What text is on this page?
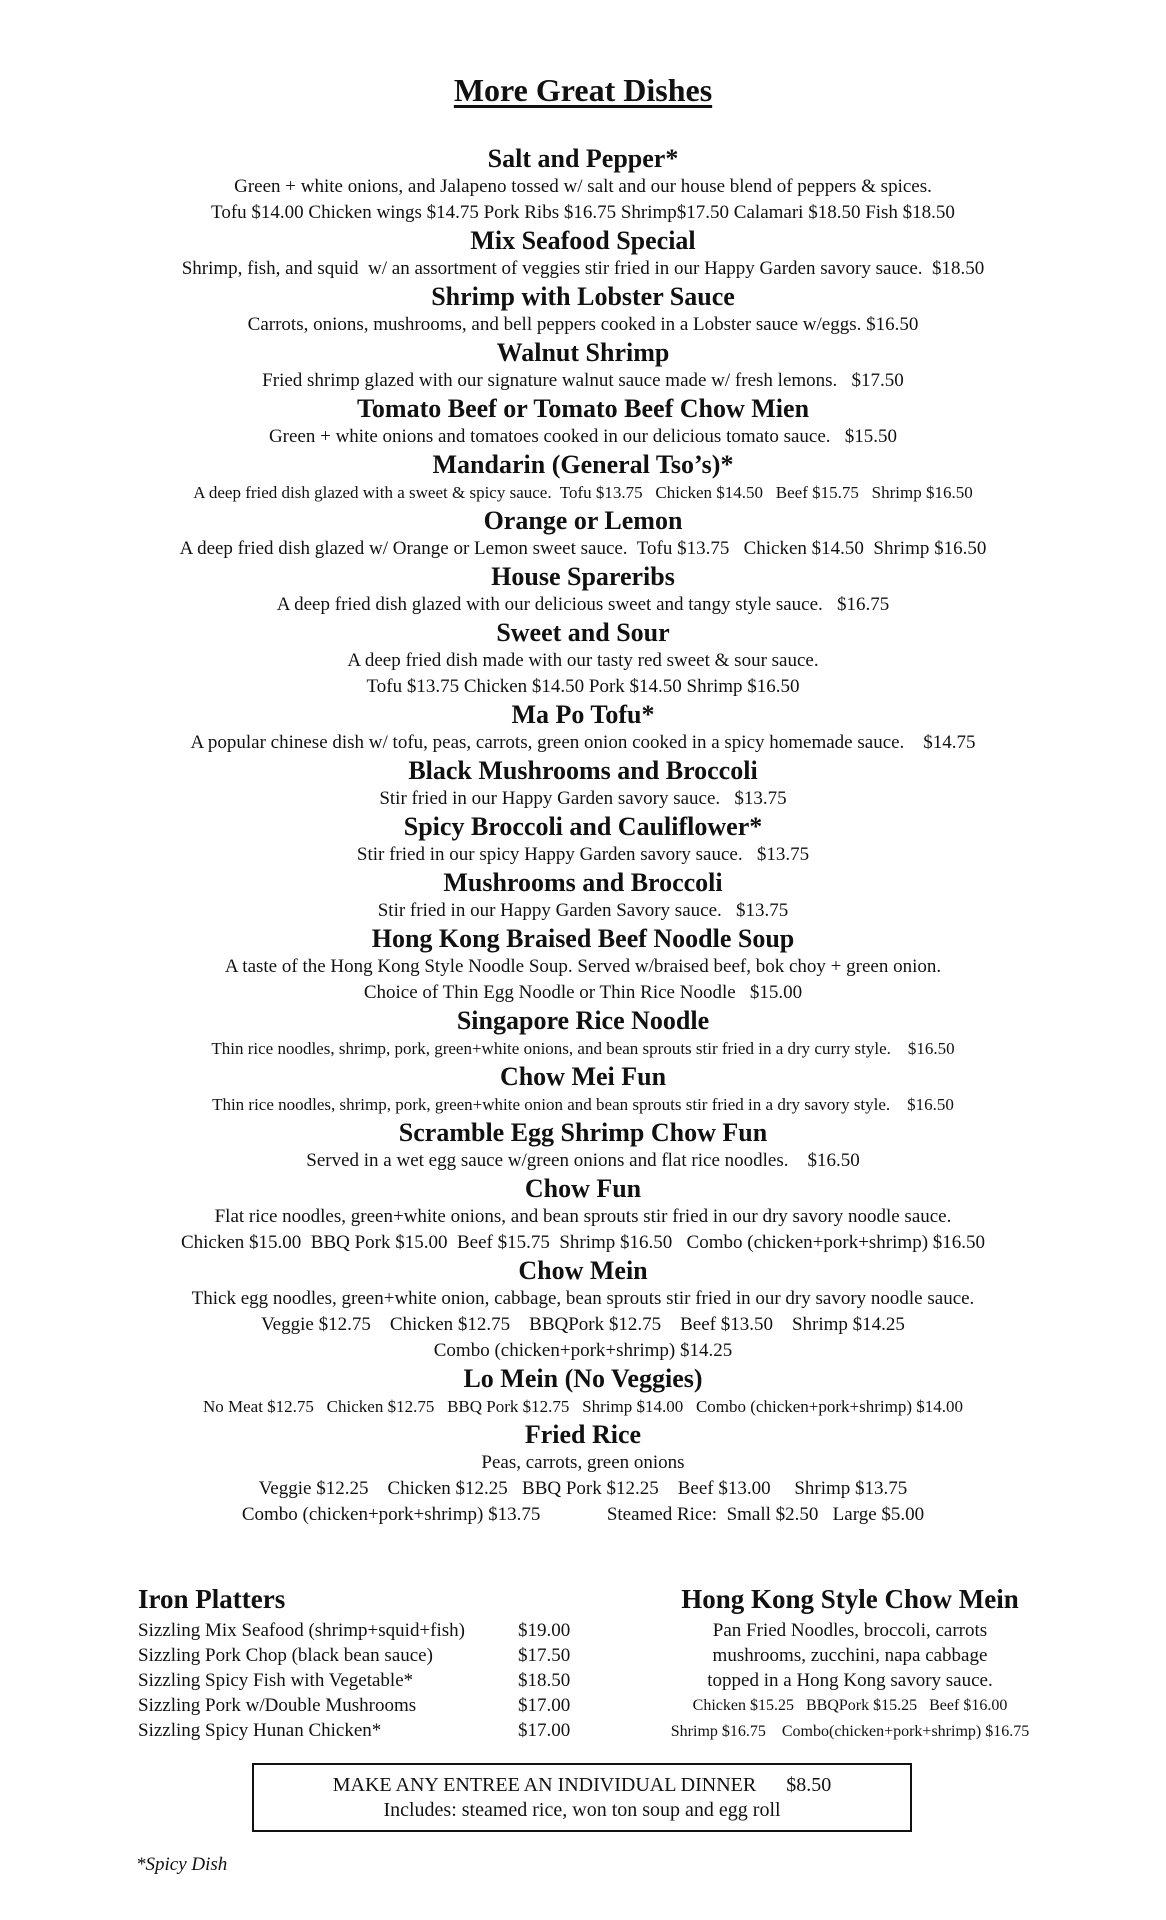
More Great Dishes
Salt and Pepper*
Green + white onions, and Jalapeno tossed w/ salt and our house blend of peppers & spices.
Tofu $14.00 Chicken wings $14.75 Pork Ribs $16.75 Shrimp$17.50 Calamari $18.50 Fish $18.50
Mix Seafood Special
Shrimp, fish, and squid  w/ an assortment of veggies stir fried in our Happy Garden savory sauce.  $18.50
Shrimp with Lobster Sauce
Carrots, onions, mushrooms, and bell peppers cooked in a Lobster sauce w/eggs. $16.50
Walnut Shrimp
Fried shrimp glazed with our signature walnut sauce made w/ fresh lemons.   $17.50
Tomato Beef or Tomato Beef Chow Mien
Green + white onions and tomatoes cooked in our delicious tomato sauce.   $15.50
Mandarin (General Tso’s)*
A deep fried dish glazed with a sweet & spicy sauce.  Tofu $13.75   Chicken $14.50   Beef $15.75   Shrimp $16.50
Orange or Lemon
A deep fried dish glazed w/ Orange or Lemon sweet sauce.  Tofu $13.75   Chicken $14.50  Shrimp $16.50
House Spareribs
A deep fried dish glazed with our delicious sweet and tangy style sauce.   $16.75
Sweet and Sour
A deep fried dish made with our tasty red sweet & sour sauce.
Tofu $13.75 Chicken $14.50 Pork $14.50 Shrimp $16.50
Ma Po Tofu*
A popular chinese dish w/ tofu, peas, carrots, green onion cooked in a spicy homemade sauce.    $14.75
Black Mushrooms and Broccoli
Stir fried in our Happy Garden savory sauce.   $13.75
Spicy Broccoli and Cauliflower*
Stir fried in our spicy Happy Garden savory sauce.   $13.75
Mushrooms and Broccoli
Stir fried in our Happy Garden Savory sauce.   $13.75
Hong Kong Braised Beef Noodle Soup
A taste of the Hong Kong Style Noodle Soup. Served w/braised beef, bok choy + green onion.
Choice of Thin Egg Noodle or Thin Rice Noodle   $15.00
Singapore Rice Noodle
Thin rice noodles, shrimp, pork, green+white onions, and bean sprouts stir fried in a dry curry style.    $16.50
Chow Mei Fun
Thin rice noodles, shrimp, pork, green+white onion and bean sprouts stir fried in a dry savory style.    $16.50
Scramble Egg Shrimp Chow Fun
Served in a wet egg sauce w/green onions and flat rice noodles.    $16.50
Chow Fun
Flat rice noodles, green+white onions, and bean sprouts stir fried in our dry savory noodle sauce.
Chicken $15.00  BBQ Pork $15.00  Beef $15.75  Shrimp $16.50   Combo (chicken+pork+shrimp) $16.50
Chow Mein
Thick egg noodles, green+white onion, cabbage, bean sprouts stir fried in our dry savory noodle sauce.
Veggie $12.75    Chicken $12.75    BBQPork $12.75    Beef $13.50    Shrimp $14.25
Combo (chicken+pork+shrimp) $14.25
Lo Mein (No Veggies)
No Meat $12.75   Chicken $12.75   BBQ Pork $12.75   Shrimp $14.00   Combo (chicken+pork+shrimp) $14.00
Fried Rice
Peas, carrots, green onions
Veggie $12.25    Chicken $12.25   BBQ Pork $12.25    Beef $13.00     Shrimp $13.75
Combo (chicken+pork+shrimp) $13.75              Steamed Rice:  Small $2.50   Large $5.00
Iron Platters
Sizzling Mix Seafood (shrimp+squid+fish)	$19.00
Sizzling Pork Chop (black bean sauce)	$17.50
Sizzling Spicy Fish with Vegetable*	$18.50
Sizzling Pork w/Double Mushrooms	$17.00
Sizzling Spicy Hunan Chicken*	$17.00
Hong Kong Style Chow Mein
Pan Fried Noodles, broccoli, carrots
mushrooms, zucchini, napa cabbage
topped in a Hong Kong savory sauce.
Chicken $15.25   BBQPork $15.25   Beef $16.00
Shrimp $16.75    Combo(chicken+pork+shrimp) $16.75
MAKE ANY ENTREE AN INDIVIDUAL DINNER      $8.50
Includes: steamed rice, won ton soup and egg roll
*Spicy Dish
